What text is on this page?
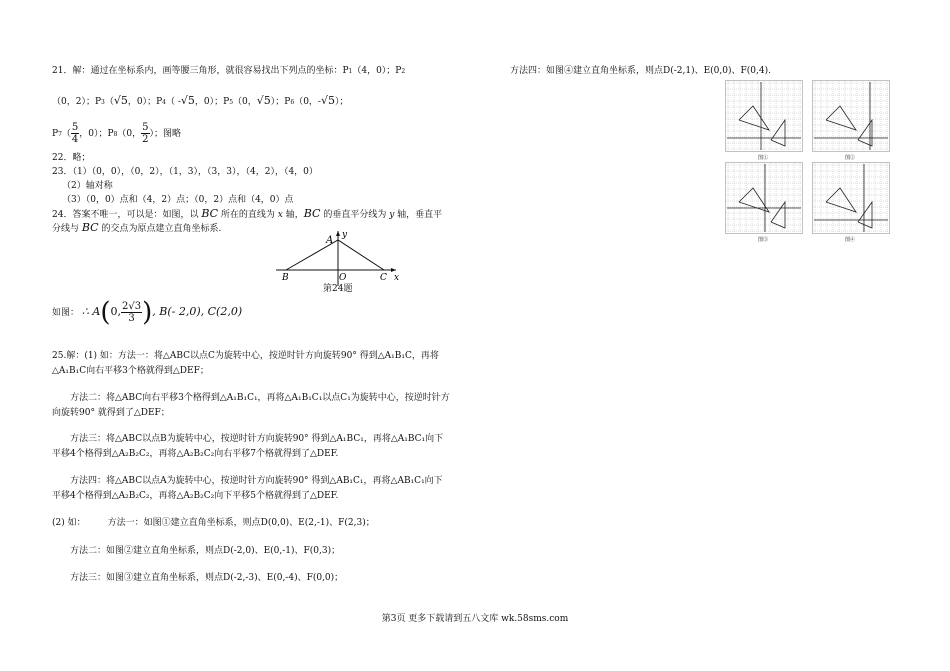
21．解：通过在坐标系内，画等腰三角形，就很容易找出下列点的坐标：P1（4，0）；P2
（0，2）；P3（√5，0）；P4（ -√5，0）；P5（0，√5）；P6（0，-√5）；
$P7( \frac{5}{4}$ ，0）；P8（0， $\frac{5}{2}$ ）；图略
22．略；
23．（1）（0，0），（0，2），（1，3），（3，3），（4，2），（4，0）
（2）轴对称
（3）（0，0）点和（4，2）点；（0，2）点和（4，0）点
24．答案不唯一，可以是：如图，以 BC 所在的直线为 x 轴，BC 的垂直平分线为 y 轴，垂直平
分线与 BC 的交点为原点建立直角坐标系.
A y
B	O	C x
第24题
如图： ∴ A(0, $\frac{2√3}{3}$ ), B(- 2,0), C(2,0)
25.解：(1) 如：方法一：将△ABC以点C为旋转中心，按逆时针方向旋转90° 得到△A₁B₁C，再将
△A₁B₁C向右平移3个格就得到△DEF；
方法二：将△ABC向右平移3个格得到△A₁B₁C₁，再将△A₁B₁C₁以点C₁为旋转中心，按逆时针方
向旋转90° 就得到了△DEF；
方法三：将△ABC以点B为旋转中心，按逆时针方向旋转90° 得到△A₁BC₁，再将△A₁BC₁向下
平移4个格得到△A₂B₂C₂，再将△A₂B₂C₂向右平移7个格就得到了△DEF.
方法四：将△ABC以点A为旋转中心，按逆时针方向旋转90° 得到△AB₁C₁，再将△AB₁C₁向下
平移4个格得到△A₂B₂C₂，再将△A₂B₂C₂向下平移5个格就得到了△DEF.
(2) 如： 方法一：如图①建立直角坐标系，则点D(0,0)、E(2,-1)、F(2,3)；
方法二：如图②建立直角坐标系，则点D(-2,0)、E(0,-1)、F(0,3)；
方法三：如图③建立直角坐标系，则点D(-2,-3)、E(0,-4)、F(0,0)；
方法四：如图④建立直角坐标系，则点D(-2,1)、E(0,0)、F(0,4).
图①	图②
图③	图④
第3页 更多下载请到五八文库 wk.58sms.com
